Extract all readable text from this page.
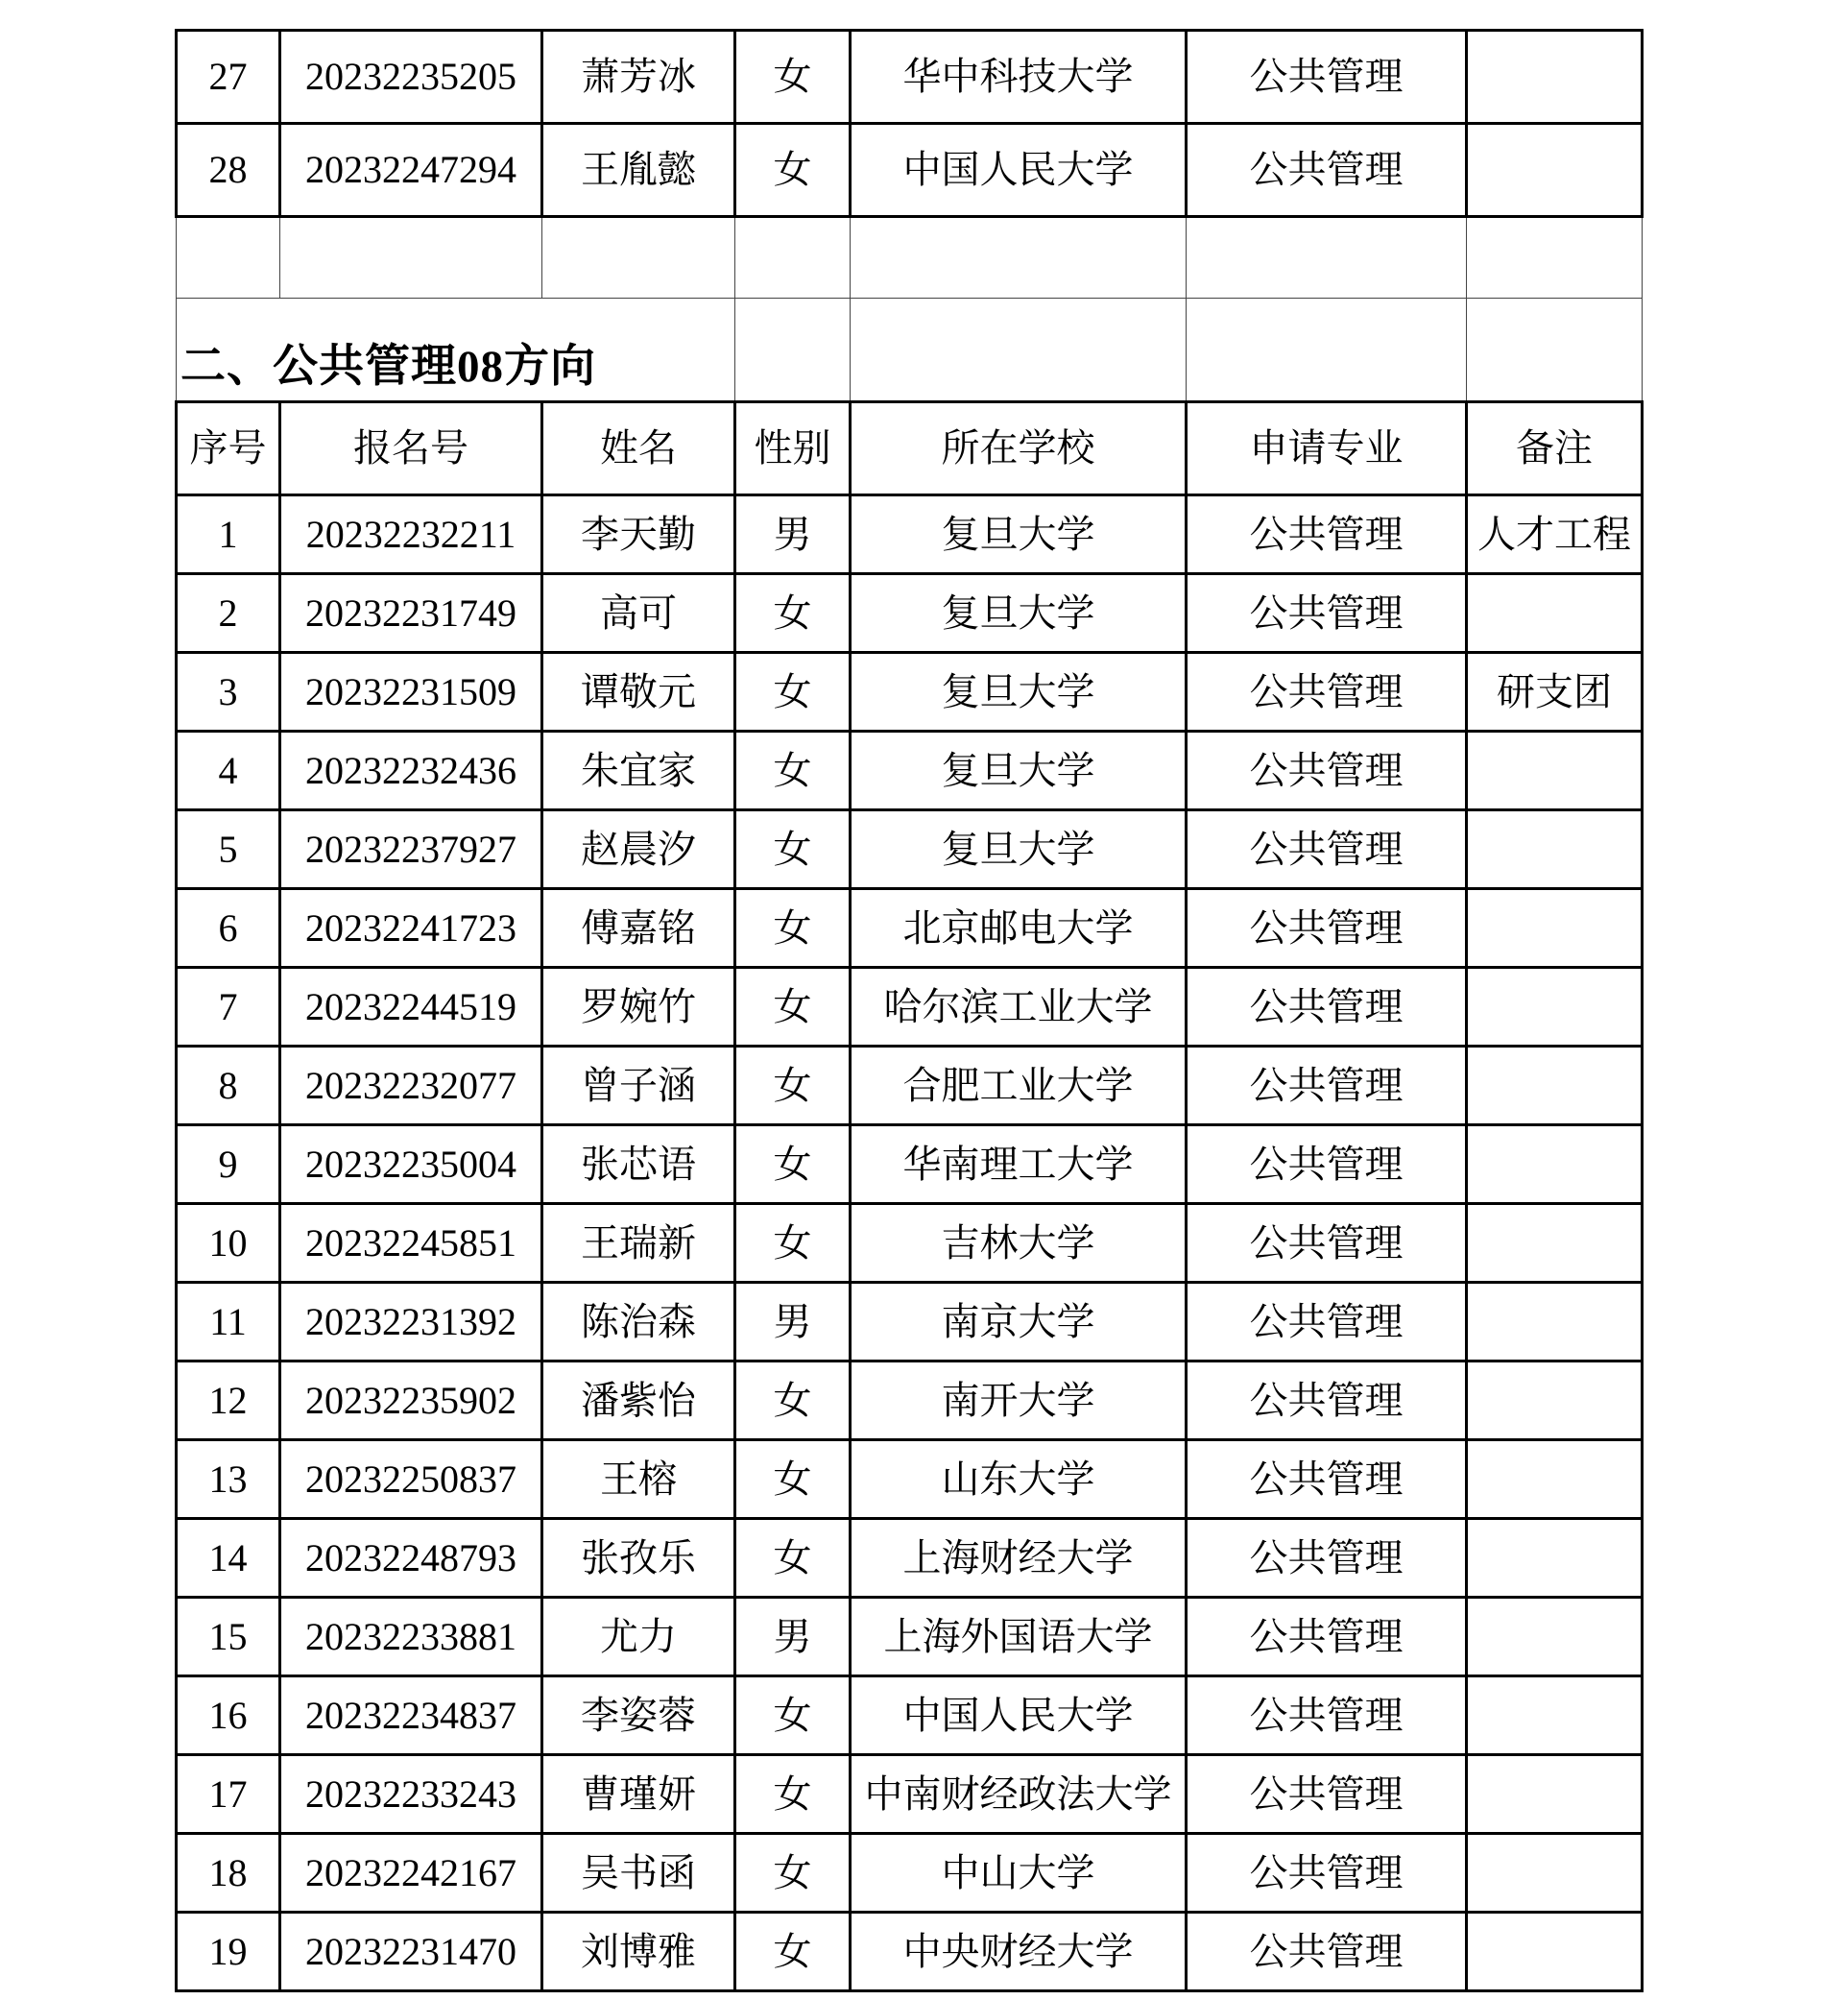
27	20232235205	萧芳冰	女	华中科技大学	公共管理	
28	20232247294	王胤懿	女	中国人民大学	公共管理	

二、公共管理08方向						
序号	报名号	姓名	性别	所在学校	申请专业	备注
1	20232232211	李天勤	男	复旦大学	公共管理	人才工程
2	20232231749	高可	女	复旦大学	公共管理	
3	20232231509	谭敬元	女	复旦大学	公共管理	研支团
4	20232232436	朱宜家	女	复旦大学	公共管理	
5	20232237927	赵晨汐	女	复旦大学	公共管理	
6	20232241723	傅嘉铭	女	北京邮电大学	公共管理	
7	20232244519	罗婉竹	女	哈尔滨工业大学	公共管理	
8	20232232077	曾子涵	女	合肥工业大学	公共管理	
9	20232235004	张芯语	女	华南理工大学	公共管理	
10	20232245851	王瑞新	女	吉林大学	公共管理	
11	20232231392	陈治森	男	南京大学	公共管理	
12	20232235902	潘紫怡	女	南开大学	公共管理	
13	20232250837	王榕	女	山东大学	公共管理	
14	20232248793	张孜乐	女	上海财经大学	公共管理	
15	20232233881	尤力	男	上海外国语大学	公共管理	
16	20232234837	李姿蓉	女	中国人民大学	公共管理	
17	20232233243	曹瑾妍	女	中南财经政法大学	公共管理	
18	20232242167	吴书函	女	中山大学	公共管理	
19	20232231470	刘博雅	女	中央财经大学	公共管理	
